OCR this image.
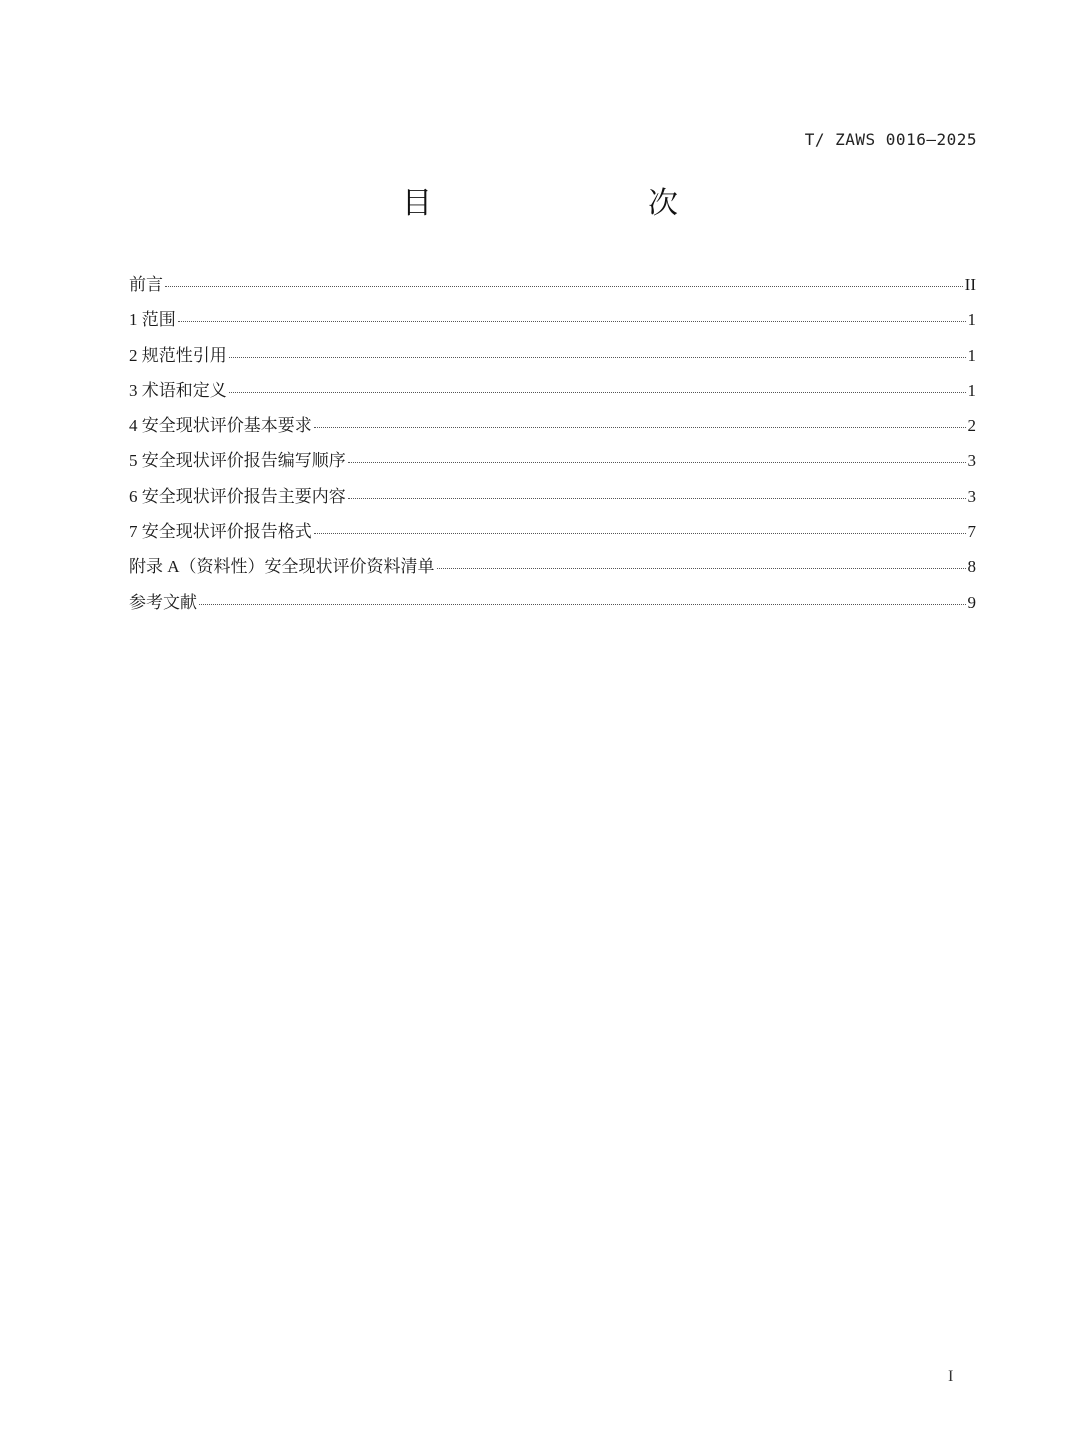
T/ ZAWS 0016—2025
目　　次
前言	II
1 范围	1
2 规范性引用	1
3 术语和定义	1
4 安全现状评价基本要求	2
5 安全现状评价报告编写顺序	3
6 安全现状评价报告主要内容	3
7 安全现状评价报告格式	7
附录 A（资料性）安全现状评价资料清单	8
参考文献	9
I
